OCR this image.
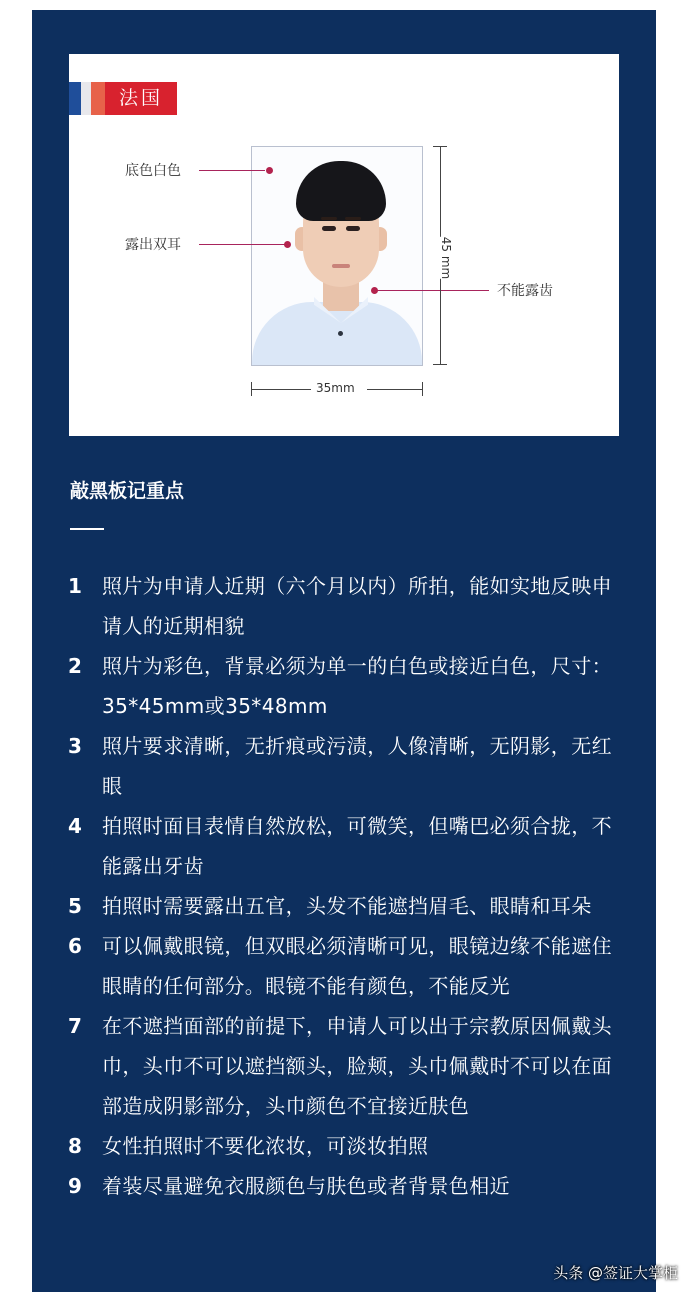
法国
底色白色
露出双耳
不能露齿
45 mm
35mm
敲黑板记重点
1	照片为申请人近期（六个月以内）所拍，能如实地反映申请人的近期相貌
2	照片为彩色，背景必须为单一的白色或接近白色，尺寸：35*45mm或35*48mm
3	照片要求清晰，无折痕或污渍，人像清晰，无阴影，无红眼
4	拍照时面目表情自然放松，可微笑，但嘴巴必须合拢，不能露出牙齿
5	拍照时需要露出五官，头发不能遮挡眉毛、眼睛和耳朵
6	可以佩戴眼镜，但双眼必须清晰可见，眼镜边缘不能遮住眼睛的任何部分。眼镜不能有颜色，不能反光
7	在不遮挡面部的前提下，申请人可以出于宗教原因佩戴头巾，头巾不可以遮挡额头，脸颊，头巾佩戴时不可以在面部造成阴影部分，头巾颜色不宜接近肤色
8	女性拍照时不要化浓妆，可淡妆拍照
9	着装尽量避免衣服颜色与肤色或者背景色相近
头条 @签证大掌柜
